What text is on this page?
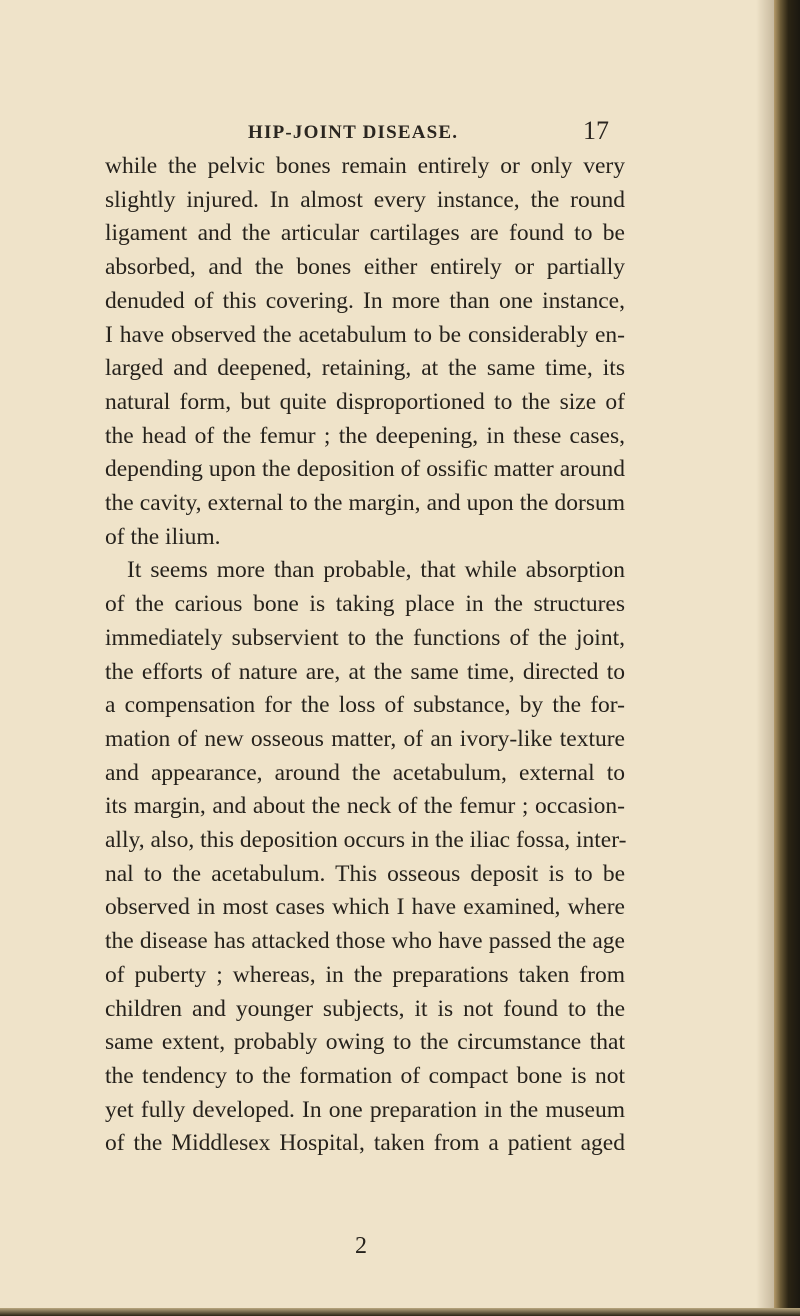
HIP-JOINT DISEASE.	17
while the pelvic bones remain entirely or only very
slightly injured. In almost every instance, the round
ligament and the articular cartilages are found to be
absorbed, and the bones either entirely or partially
denuded of this covering. In more than one instance,
I have observed the acetabulum to be considerably en-
larged and deepened, retaining, at the same time, its
natural form, but quite disproportioned to the size of
the head of the femur ; the deepening, in these cases,
depending upon the deposition of ossific matter around
the cavity, external to the margin, and upon the dorsum
of the ilium.
It seems more than probable, that while absorption
of the carious bone is taking place in the structures
immediately subservient to the functions of the joint,
the efforts of nature are, at the same time, directed to
a compensation for the loss of substance, by the for-
mation of new osseous matter, of an ivory-like texture
and appearance, around the acetabulum, external to
its margin, and about the neck of the femur ; occasion-
ally, also, this deposition occurs in the iliac fossa, inter-
nal to the acetabulum. This osseous deposit is to be
observed in most cases which I have examined, where
the disease has attacked those who have passed the age
of puberty ; whereas, in the preparations taken from
children and younger subjects, it is not found to the
same extent, probably owing to the circumstance that
the tendency to the formation of compact bone is not
yet fully developed. In one preparation in the museum
of the Middlesex Hospital, taken from a patient aged
2
